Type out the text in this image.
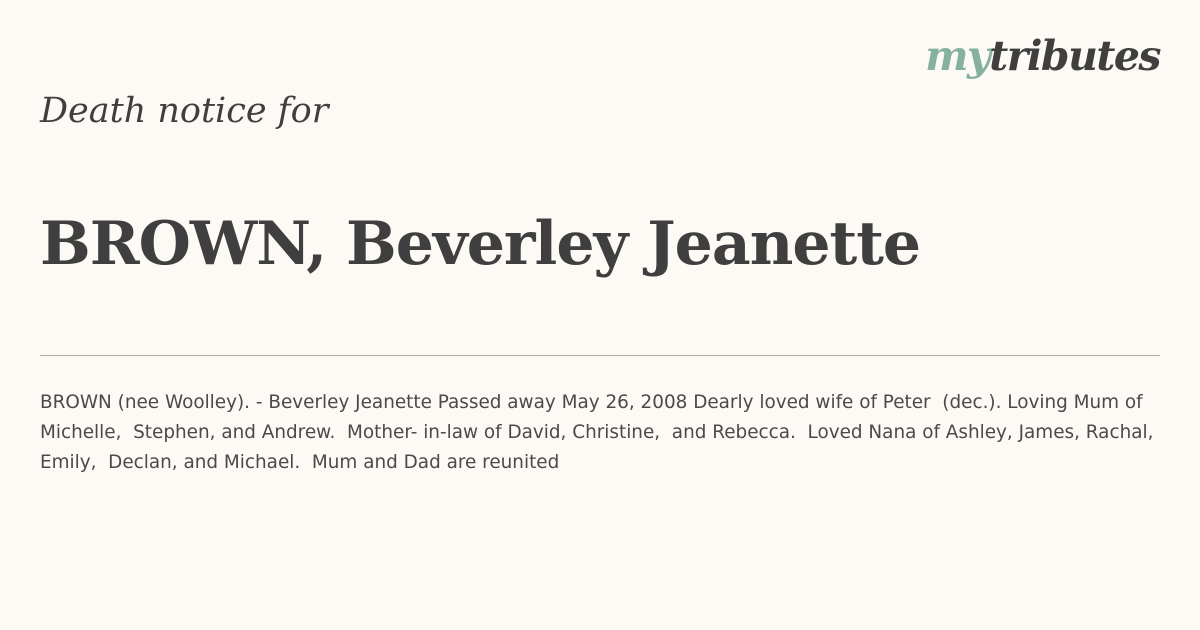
mytributes
Death notice for
BROWN, Beverley Jeanette
BROWN (nee Woolley). - Beverley Jeanette Passed away May 26, 2008 Dearly loved wife of Peter  (dec.). Loving Mum of Michelle,  Stephen, and Andrew.  Mother- in-law of David, Christine,  and Rebecca.  Loved Nana of Ashley, James, Rachal, Emily,  Declan, and Michael.  Mum and Dad are reunited
